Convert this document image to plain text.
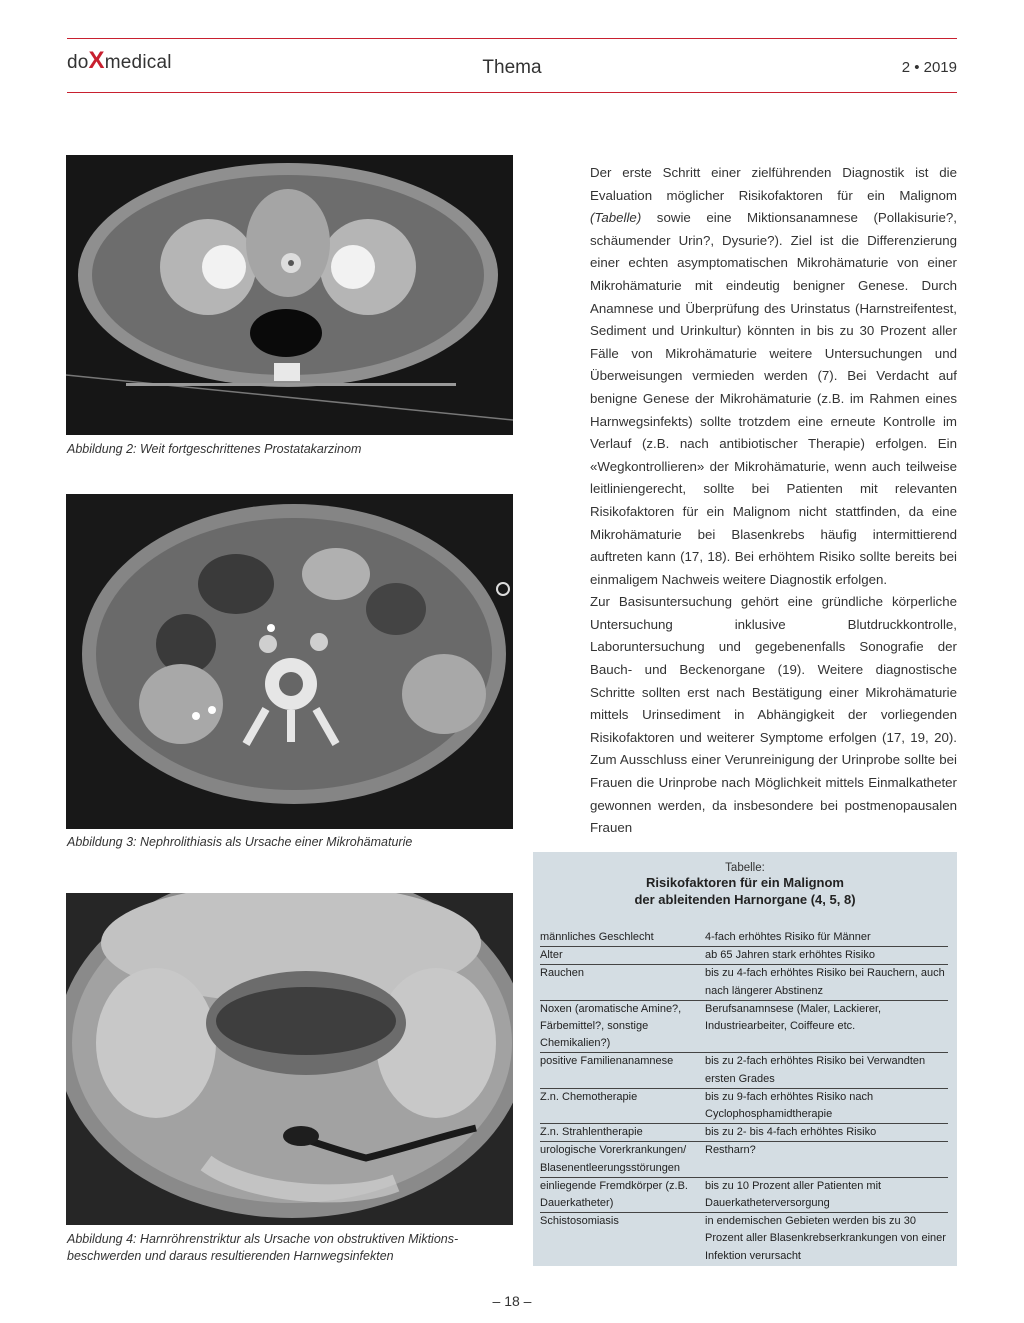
doXmedical	Thema	2 • 2019
Abbildung 2: Weit fortgeschrittenes Prostatakarzinom
Abbildung 3: Nephrolithiasis als Ursache einer Mikrohämaturie
Abbildung 4: Harnröhrenstriktur als Ursache von obstruktiven Miktions-
beschwerden und daraus resultierenden Harnwegsinfekten

Der erste Schritt einer zielführenden Diagnostik ist die Evaluation möglicher Risikofaktoren für ein Malignom (Tabelle) sowie eine Miktionsanamnese (Pollakisurie?, schäumender Urin?, Dysurie?). Ziel ist die Differenzierung einer echten asymptomatischen Mikrohämaturie von einer Mikrohämaturie mit eindeutig benigner Genese. Durch Anamnese und Überprüfung des Urinstatus (Harnstreifentest, Sediment und Urinkultur) könnten in bis zu 30 Prozent aller Fälle von Mikrohämaturie weitere Untersuchungen und Überweisungen vermieden werden (7). Bei Verdacht auf benigne Genese der Mikrohämaturie (z.B. im Rahmen eines Harnwegsinfekts) sollte trotzdem eine erneute Kontrolle im Verlauf (z.B. nach antibiotischer Therapie) erfolgen. Ein «Wegkontrollieren» der Mikrohämaturie, wenn auch teilweise leitliniengerecht, sollte bei Patienten mit relevanten Risikofaktoren für ein Malignom nicht stattfinden, da eine Mikrohämaturie bei Blasenkrebs häufig intermittierend auftreten kann (17, 18). Bei erhöhtem Risiko sollte bereits bei einmaligem Nachweis weitere Diagnostik erfolgen.

Zur Basisuntersuchung gehört eine gründliche körperliche Untersuchung inklusive Blutdruckkontrolle, Laboruntersuchung und gegebenenfalls Sonografie der Bauch- und Beckenorgane (19). Weitere diagnostische Schritte sollten erst nach Bestätigung einer Mikrohämaturie mittels Urinsediment in Abhängigkeit der vorliegenden Risikofaktoren und weiterer Symptome erfolgen (17, 19, 20). Zum Ausschluss einer Verunreinigung der Urinprobe sollte bei Frauen die Urinprobe nach Möglichkeit mittels Einmalkatheter gewonnen werden, da insbesondere bei postmenopausalen Frauen

Tabelle:
Risikofaktoren für ein Malignom
der ableitenden Harnorgane (4, 5, 8)
männliches Geschlecht	4-fach erhöhtes Risiko für Männer
Alter	ab 65 Jahren stark erhöhtes Risiko
Rauchen	bis zu 4-fach erhöhtes Risiko bei Rauchern, auch nach längerer Abstinenz
Noxen (aromatische Amine?, Färbemittel?, sonstige Chemikalien?)	Berufsanamnsese (Maler, Lackierer, Industriearbeiter, Coiffeure etc.
positive Familienanamnese	bis zu 2-fach erhöhtes Risiko bei Verwandten ersten Grades
Z.n. Chemotherapie	bis zu 9-fach erhöhtes Risiko nach Cyclophosphamidtherapie
Z.n. Strahlentherapie	bis zu 2- bis 4-fach erhöhtes Risiko
urologische Vorerkrankungen/ Blasenentleerungsstörungen	Restharn?
einliegende Fremdkörper (z.B. Dauerkatheter)	bis zu 10 Prozent aller Patienten mit Dauerkatheterversorgung
Schistosomiasis	in endemischen Gebieten werden bis zu 30 Prozent aller Blasenkrebserkrankungen von einer Infektion verursacht
– 18 –
